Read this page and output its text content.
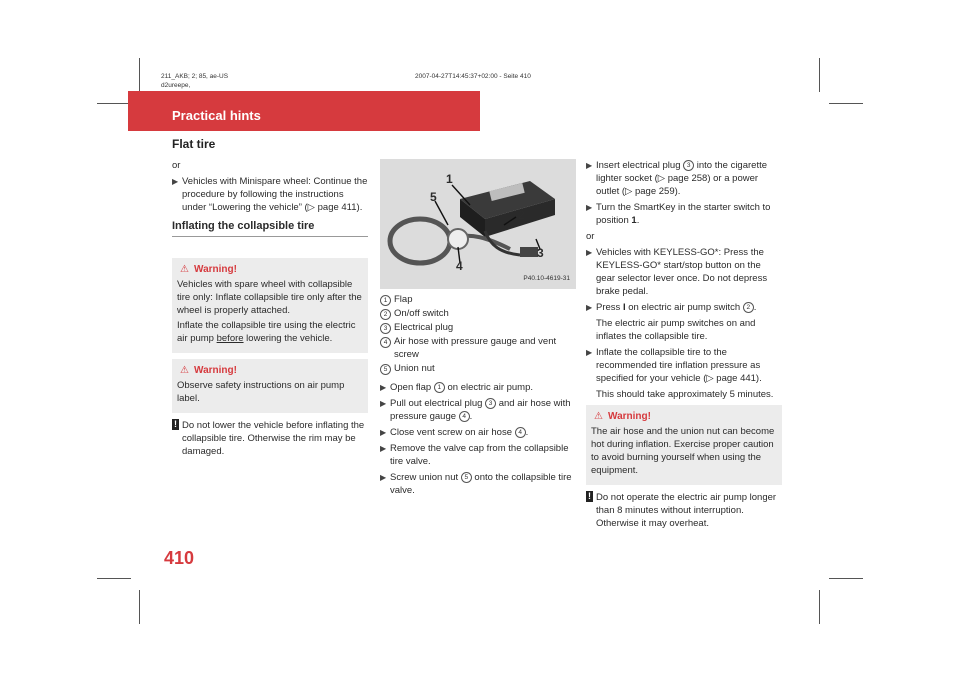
211_AKB; 2; 85, ae-US
d2ureepe,
2007-04-27T14:45:37+02:00 - Seite 410
Practical hints
Flat tire
410

or

▶ Vehicles with Minispare wheel: Continue the procedure by following the instructions under “Lowering the vehicle” (▷ page 411).
Inflating the collapsible tire
⚠ Warning!

Vehicles with spare wheel with collapsible tire only: Inflate collapsible tire only after the wheel is properly attached.

Inflate the collapsible tire using the electric air pump before lowering the vehicle.

⚠ Warning!

Observe safety instructions on air pump label.

! Do not lower the vehicle before inflating the collapsible tire. Otherwise the rim may be damaged.
1
5
2
3
4
P40.10-4619-31
1 Flap
2 On/off switch
3 Electrical plug
4 Air hose with pressure gauge and vent screw
5 Union nut
▶ Open flap 1 on electric air pump.
▶ Pull out electrical plug 3 and air hose with pressure gauge 4 .
▶ Close vent screw on air hose 4 .
▶ Remove the valve cap from the collapsible tire valve.
▶ Screw union nut 5 onto the collapsible tire valve.
▶ Insert electrical plug 3 into the cigarette lighter socket (▷ page 258) or a power outlet (▷ page 259).
▶ Turn the SmartKey in the starter switch to position 1.

or

▶ Vehicles with KEYLESS-GO*: Press the KEYLESS-GO* start/stop button on the gear selector lever once. Do not depress brake pedal.
▶ Press I on electric air pump switch 2 .

The electric air pump switches on and inflates the collapsible tire.

▶ Inflate the collapsible tire to the recommended tire inflation pressure as specified for your vehicle (▷ page 441).

This should take approximately 5 minutes.

⚠ Warning!

The air hose and the union nut can become hot during inflation. Exercise proper caution to avoid burning yourself when using the equipment.

! Do not operate the electric air pump longer than 8 minutes without interruption. Otherwise it may overheat.
